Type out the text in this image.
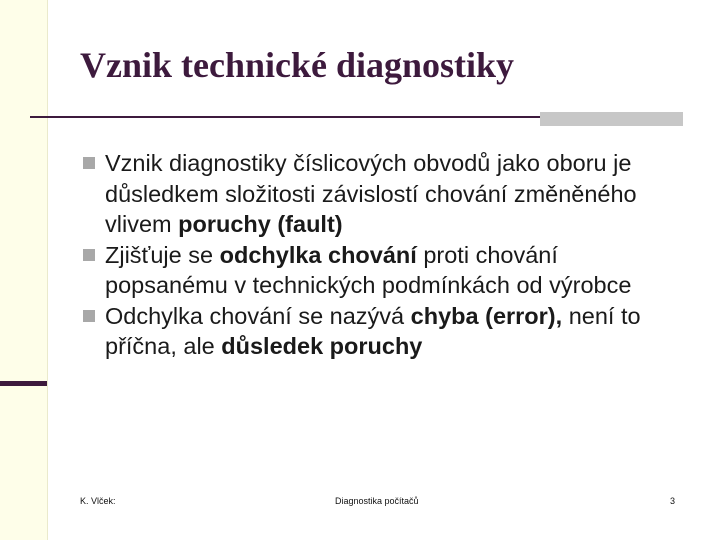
Vznik technické diagnostiky
Vznik diagnostiky číslicových obvodů jako oboru je důsledkem složitosti závislostí chování změněného vlivem poruchy (fault)
Zjišťuje se odchylka chování proti chování popsanému v technických podmínkách od výrobce
Odchylka chování se nazývá chyba (error), není to příčna, ale důsledek poruchy
K. Vlček:	Diagnostika počítačů	3
